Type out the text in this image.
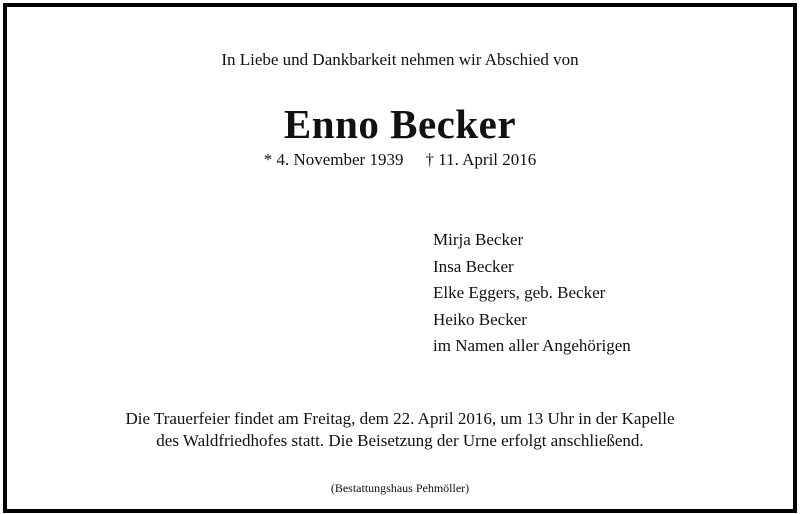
In Liebe und Dankbarkeit nehmen wir Abschied von
Enno Becker
* 4. November 1939 † 11. April 2016
Mirja Becker
Insa Becker
Elke Eggers, geb. Becker
Heiko Becker
im Namen aller Angehörigen
Die Trauerfeier findet am Freitag, dem 22. April 2016, um 13 Uhr in der Kapelle
des Waldfriedhofes statt. Die Beisetzung der Urne erfolgt anschließend.
(Bestattungshaus Pehmöller)
